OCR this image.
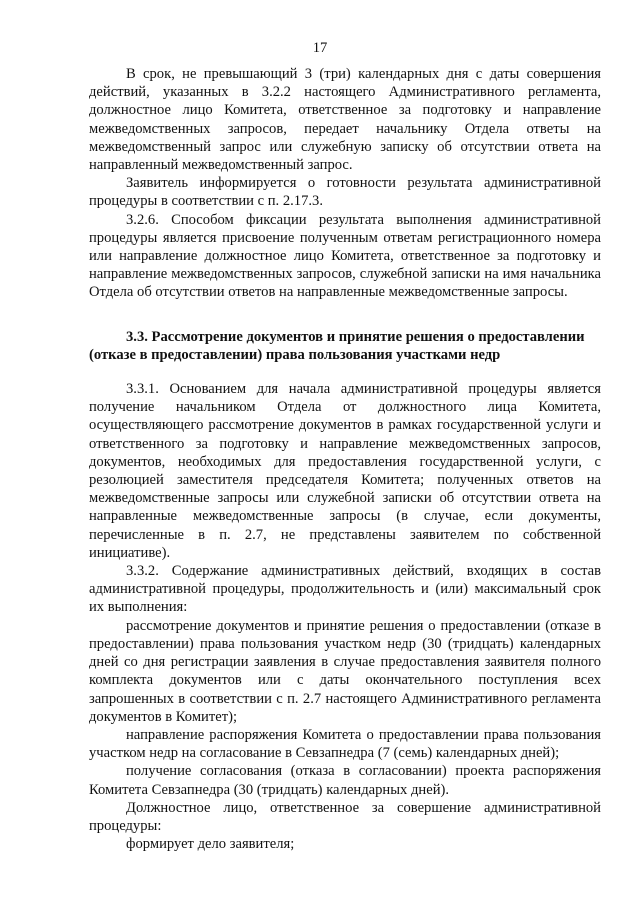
17

В срок, не превышающий 3 (три) календарных дня с даты совершения действий, указанных в 3.2.2 настоящего Административного регламента, должностное лицо Комитета, ответственное за подготовку и направление межведомственных запросов, передает начальнику Отдела ответы на межведомственный запрос или служебную записку об отсутствии ответа на направленный межведомственный запрос.

Заявитель информируется о готовности результата административной процедуры в соответствии с п. 2.17.3.

3.2.6. Способом фиксации результата выполнения административной процедуры является присвоение полученным ответам регистрационного номера или направление должностное лицо Комитета, ответственное за подготовку и направление межведомственных запросов, служебной записки на имя начальника Отдела об отсутствии ответов на направленные межведомственные запросы.

3.3. Рассмотрение документов и принятие решения о предоставлении (отказе в предоставлении) права пользования участками недр

3.3.1. Основанием для начала административной процедуры является получение начальником Отдела от должностного лица Комитета, осуществляющего рассмотрение документов в рамках государственной услуги и ответственного за подготовку и направление межведомственных запросов, документов, необходимых для предоставления государственной услуги, с резолюцией заместителя председателя Комитета; полученных ответов на межведомственные запросы или служебной записки об отсутствии ответа на направленные межведомственные запросы (в случае, если документы, перечисленные в п. 2.7, не представлены заявителем по собственной инициативе).

3.3.2. Содержание административных действий, входящих в состав административной процедуры, продолжительность и (или) максимальный срок их выполнения:

рассмотрение документов и принятие решения о предоставлении (отказе в предоставлении) права пользования участком недр (30 (тридцать) календарных дней со дня регистрации заявления в случае предоставления заявителя полного комплекта документов или с даты окончательного поступления всех запрошенных в соответствии с п. 2.7 настоящего Административного регламента документов в Комитет);

направление распоряжения Комитета о предоставлении права пользования участком недр на согласование в Севзапнедра (7 (семь) календарных дней);

получение согласования (отказа в согласовании) проекта распоряжения Комитета Севзапнедра (30 (тридцать) календарных дней).

Должностное лицо, ответственное за совершение административной процедуры:

формирует дело заявителя;
